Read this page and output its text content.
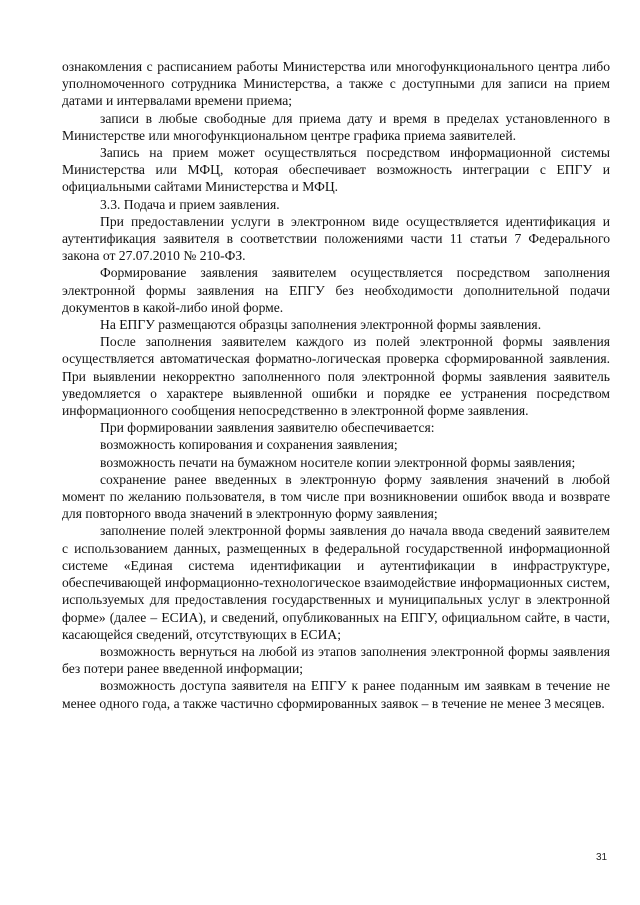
ознакомления с расписанием работы Министерства или многофункционального центра либо уполномоченного сотрудника Министерства, а также с доступными для записи на прием датами и интервалами времени приема;

записи в любые свободные для приема дату и время в пределах установленного в Министерстве или многофункциональном центре графика приема заявителей.

Запись на прием может осуществляться посредством информационной системы Министерства или МФЦ, которая обеспечивает возможность интеграции с ЕПГУ и официальными сайтами Министерства и МФЦ.

3.3. Подача и прием заявления.

При предоставлении услуги в электронном виде осуществляется идентификация и аутентификация заявителя в соответствии положениями части 11 статьи 7 Федерального закона от 27.07.2010 № 210-ФЗ.

Формирование заявления заявителем осуществляется посредством заполнения электронной формы заявления на ЕПГУ без необходимости дополнительной подачи документов в какой-либо иной форме.

На ЕПГУ размещаются образцы заполнения электронной формы заявления.

После заполнения заявителем каждого из полей электронной формы заявления осуществляется автоматическая форматно-логическая проверка сформированной заявления. При выявлении некорректно заполненного поля электронной формы заявления заявитель уведомляется о характере выявленной ошибки и порядке ее устранения посредством информационного сообщения непосредственно в электронной форме заявления.

При формировании заявления заявителю обеспечивается:

возможность копирования и сохранения заявления;

возможность печати на бумажном носителе копии электронной формы заявления;

сохранение ранее введенных в электронную форму заявления значений в любой момент по желанию пользователя, в том числе при возникновении ошибок ввода и возврате для повторного ввода значений в электронную форму заявления;

заполнение полей электронной формы заявления до начала ввода сведений заявителем с использованием данных, размещенных в федеральной государственной информационной системе «Единая система идентификации и аутентификации в инфраструктуре, обеспечивающей информационно-технологическое взаимодействие информационных систем, используемых для предоставления государственных и муниципальных услуг в электронной форме» (далее – ЕСИА), и сведений, опубликованных на ЕПГУ, официальном сайте, в части, касающейся сведений, отсутствующих в ЕСИА;

возможность вернуться на любой из этапов заполнения электронной формы заявления без потери ранее введенной информации;

возможность доступа заявителя на ЕПГУ к ранее поданным им заявкам в течение не менее одного года, а также частично сформированных заявок – в течение не менее 3 месяцев.

31
